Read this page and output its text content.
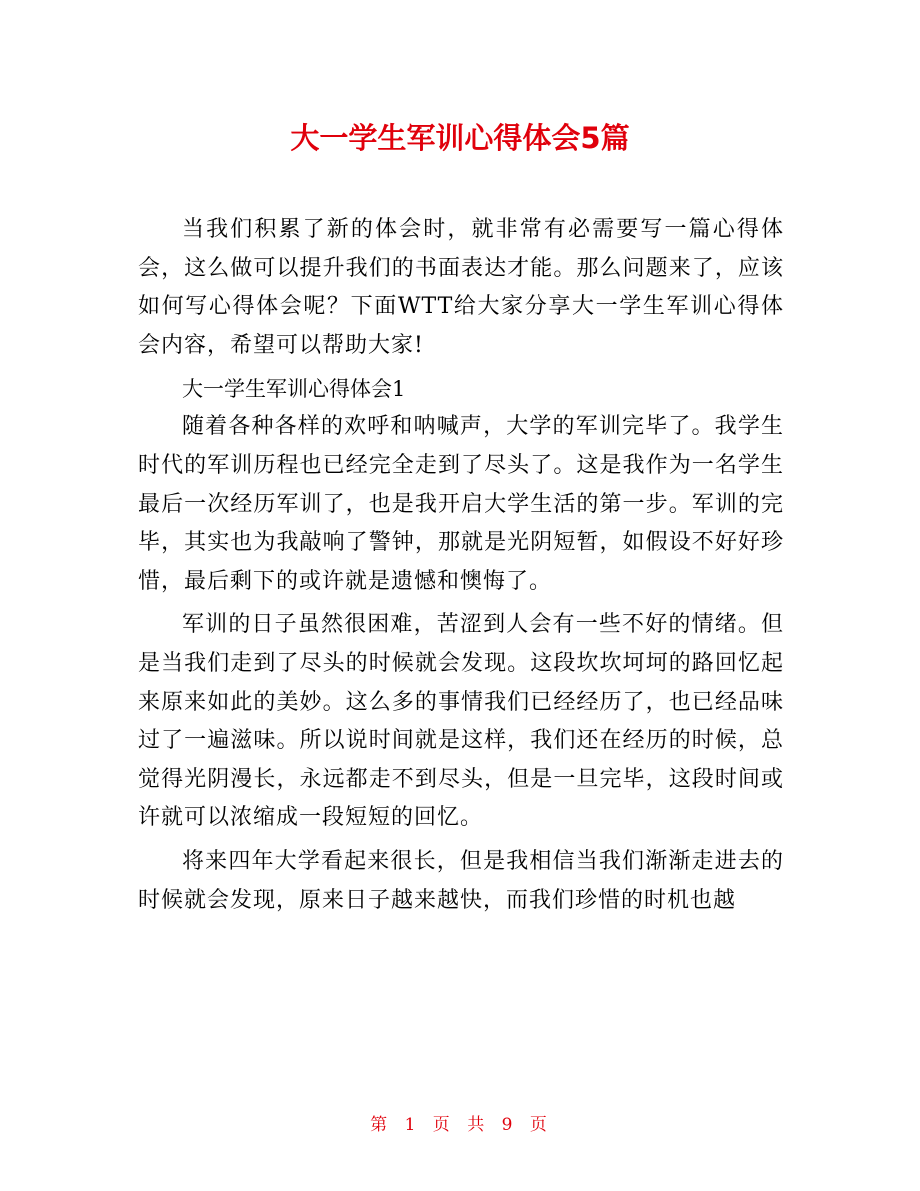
大一学生军训心得体会5篇

当我们积累了新的体会时，就非常有必需要写一篇心得体会，这么做可以提升我们的书面表达才能。那么问题来了，应该如何写心得体会呢？下面WTT给大家分享大一学生军训心得体会内容，希望可以帮助大家!

大一学生军训心得体会1

随着各种各样的欢呼和呐喊声，大学的军训完毕了。我学生时代的军训历程也已经完全走到了尽头了。这是我作为一名学生最后一次经历军训了，也是我开启大学生活的第一步。军训的完毕，其实也为我敲响了警钟，那就是光阴短暂，如假设不好好珍惜，最后剩下的或许就是遗憾和懊悔了。

军训的日子虽然很困难，苦涩到人会有一些不好的情绪。但是当我们走到了尽头的时候就会发现。这段坎坎坷坷的路回忆起来原来如此的美妙。这么多的事情我们已经经历了，也已经品味过了一遍滋味。所以说时间就是这样，我们还在经历的时候，总觉得光阴漫长，永远都走不到尽头，但是一旦完毕，这段时间或许就可以浓缩成一段短短的回忆。

将来四年大学看起来很长，但是我相信当我们渐渐走进去的时候就会发现，原来日子越来越快，而我们珍惜的时机也越

第 1 页 共 9 页
